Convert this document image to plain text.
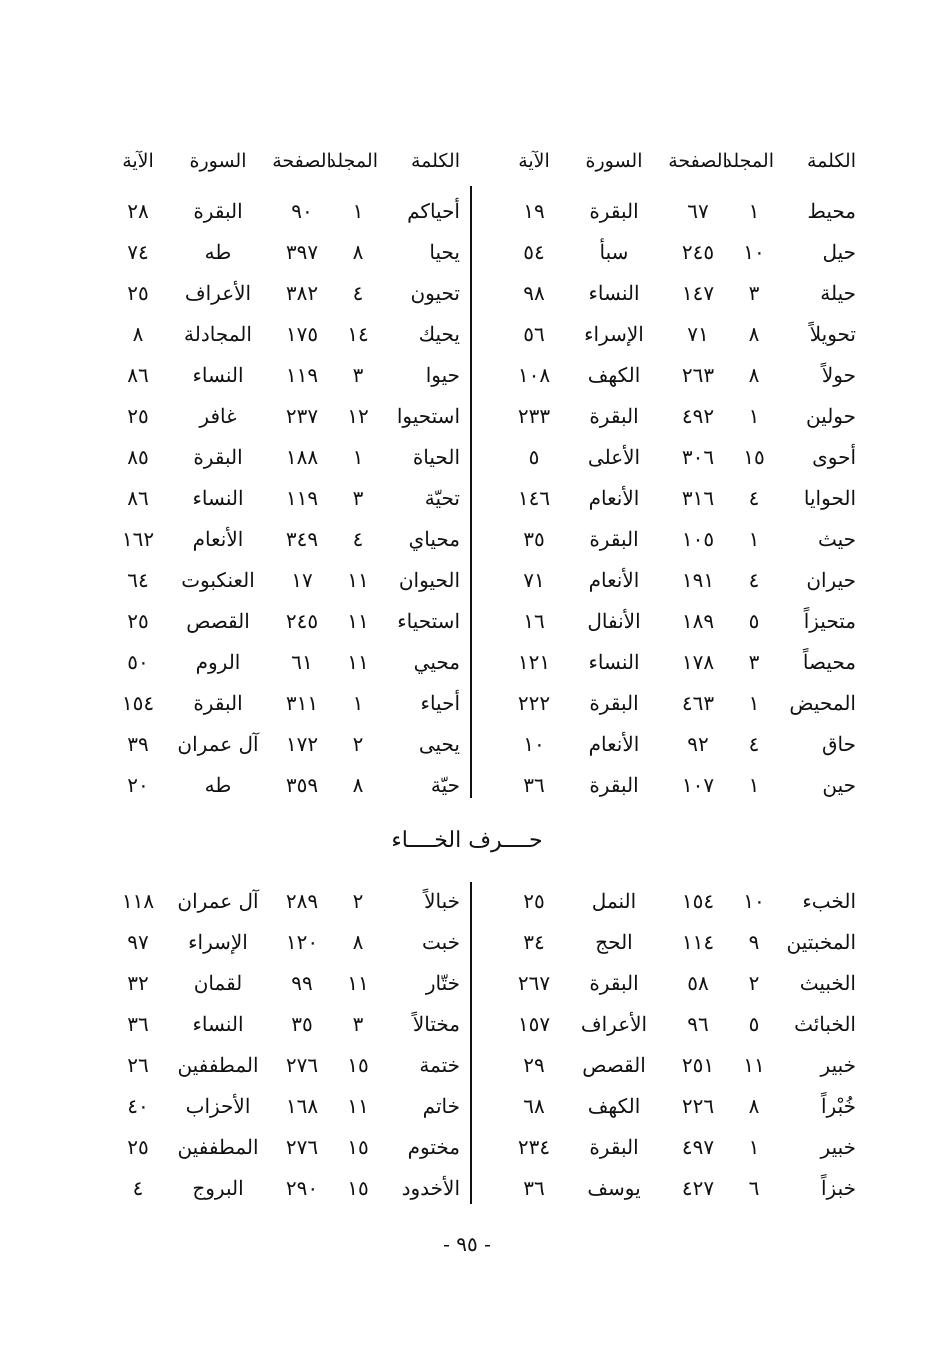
الكلمة
المجلد
الصفحة
السورة
الآية
الكلمة
المجلد
الصفحة
السورة
الآية
محيط
١
٦٧
البقرة
١٩
حيل
١٠
٢٤٥
سبأ
٥٤
حيلة
٣
١٤٧
النساء
٩٨
تحويلاً
٨
٧١
الإسراء
٥٦
حولاً
٨
٢٦٣
الكهف
١٠٨
حولين
١
٤٩٢
البقرة
٢٣٣
أحوى
١٥
٣٠٦
الأعلى
٥
الحوايا
٤
٣١٦
الأنعام
١٤٦
حيث
١
١٠٥
البقرة
٣٥
حيران
٤
١٩١
الأنعام
٧١
متحيزاً
٥
١٨٩
الأنفال
١٦
محيصاً
٣
١٧٨
النساء
١٢١
المحيض
١
٤٦٣
البقرة
٢٢٢
حاق
٤
٩٢
الأنعام
١٠
حين
١
١٠٧
البقرة
٣٦
أحياكم
١
٩٠
البقرة
٢٨
يحيا
٨
٣٩٧
طه
٧٤
تحيون
٤
٣٨٢
الأعراف
٢٥
يحيك
١٤
١٧٥
المجادلة
٨
حيوا
٣
١١٩
النساء
٨٦
استحيوا
١٢
٢٣٧
غافر
٢٥
الحياة
١
١٨٨
البقرة
٨٥
تحيّة
٣
١١٩
النساء
٨٦
محياي
٤
٣٤٩
الأنعام
١٦٢
الحيوان
١١
١٧
العنكبوت
٦٤
استحياء
١١
٢٤٥
القصص
٢٥
محيي
١١
٦١
الروم
٥٠
أحياء
١
٣١١
البقرة
١٥٤
يحيى
٢
١٧٢
آل عمران
٣٩
حيّة
٨
٣٥٩
طه
٢٠
حــــرف الخــــاء
الخبء
١٠
١٥٤
النمل
٢٥
المخبتين
٩
١١٤
الحج
٣٤
الخبيث
٢
٥٨
البقرة
٢٦٧
الخبائث
٥
٩٦
الأعراف
١٥٧
خبير
١١
٢٥١
القصص
٢٩
خُبْراً
٨
٢٢٦
الكهف
٦٨
خبير
١
٤٩٧
البقرة
٢٣٤
خبزاً
٦
٤٢٧
يوسف
٣٦
خبالاً
٢
٢٨٩
آل عمران
١١٨
خبت
٨
١٢٠
الإسراء
٩٧
ختّار
١١
٩٩
لقمان
٣٢
مختالاً
٣
٣٥
النساء
٣٦
ختمة
١٥
٢٧٦
المطففين
٢٦
خاتم
١١
١٦٨
الأحزاب
٤٠
مختوم
١٥
٢٧٦
المطففين
٢٥
الأخدود
١٥
٢٩٠
البروج
٤
- ٩٥ -
